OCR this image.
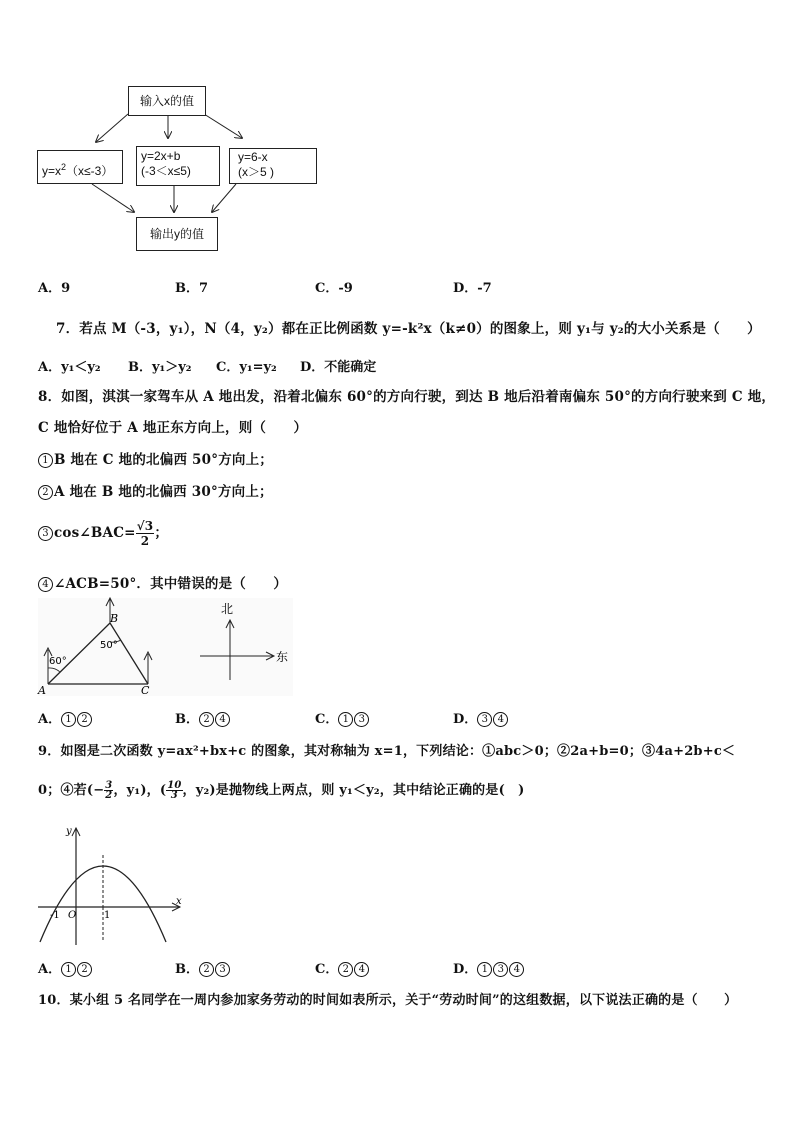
输入x的值
$y=x^2(x\le-3)$
y=2x+b
(-3＜x≤5)
y=6-x
(x＞5 )
输出y的值
A．9	B．7	C．-9	D．-7
7．若点 M（-3，y₁），N（4，y₂）都在正比例函数 y=-k²x（k≠0）的图象上，则 y₁与 y₂的大小关系是（　　）
A．y₁＜y₂ B．y₁＞y₂ C．y₁=y₂ D．不能确定
8．如图，淇淇一家驾车从 A 地出发，沿着北偏东 60°的方向行驶，到达 B 地后沿着南偏东 50°的方向行驶来到 C 地，
C 地恰好位于 A 地正东方向上，则（　　）
1 B 地在 C 地的北偏西 50°方向上；
2 A 地在 B 地的北偏西 30°方向上；
3 cos∠BAC= $\frac{√3}{2}$ ；
4 ∠ACB=50°．其中错误的是（　　）
A
B
C
60°
50°
北
东
A． 1 2	B． 2 4	C． 1 3	D． 3 4
9．如图是二次函数 y=ax²+bx+c 的图象，其对称轴为 x=1，下列结论：①abc＞0；②2a+b=0；③4a+2b+c＜
0；④若(− $\frac{3}{2}$ ，y₁)，( $\frac{10}{3}$ ，y₂)是抛物线上两点，则 y₁＜y₂，其中结论正确的是(　)
y
x
O
-1	1
A． 1 2	B． 2 3	C． 2 4	D． 1 3 4
10．某小组 5 名同学在一周内参加家务劳动的时间如表所示，关于“劳动时间”的这组数据，以下说法正确的是（　　）
